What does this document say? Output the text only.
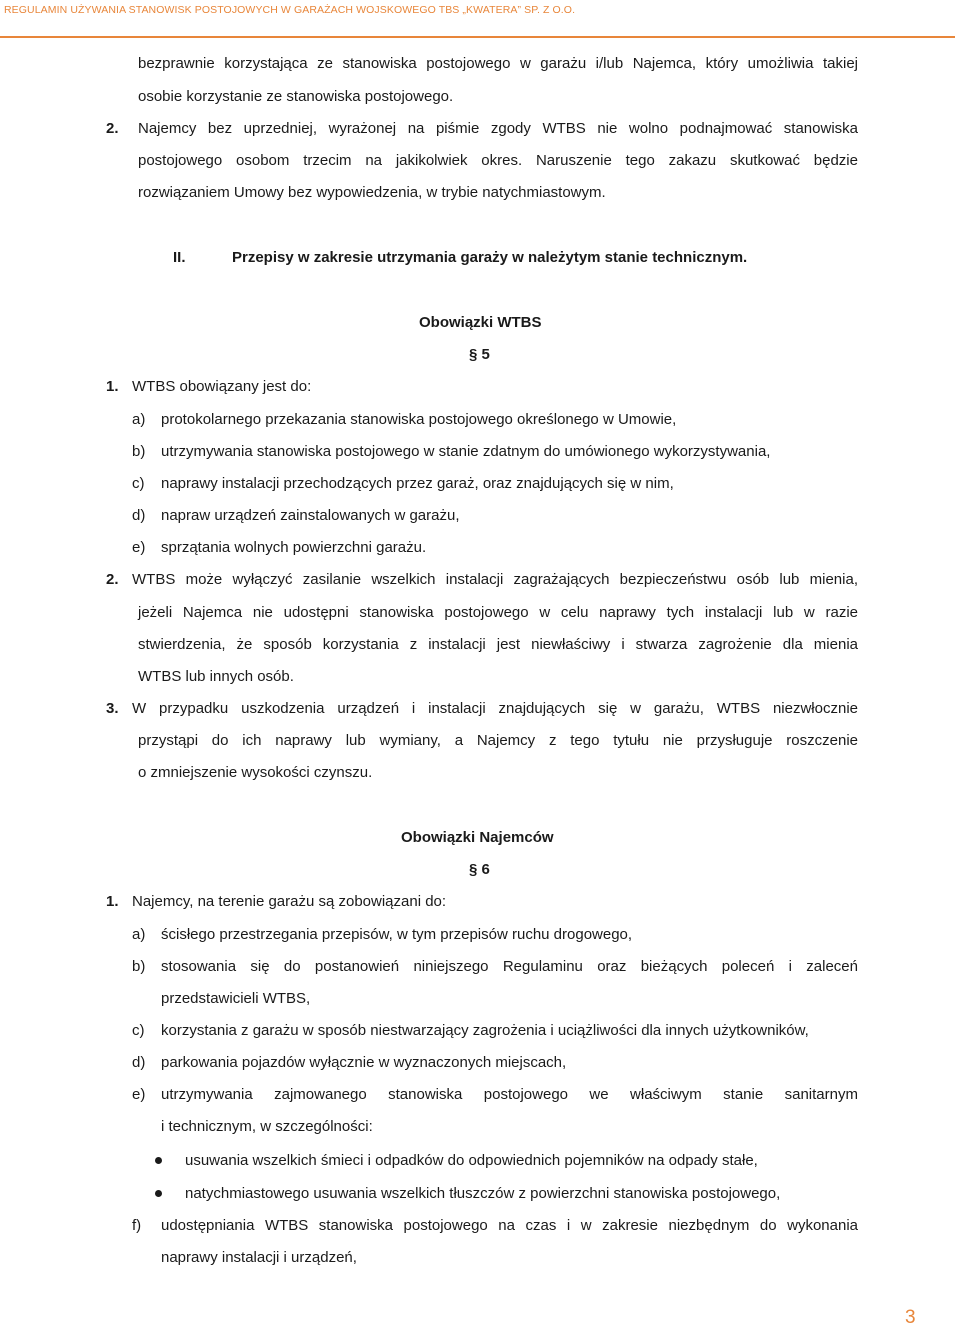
REGULAMIN UŻYWANIA STANOWISK POSTOJOWYCH W GARAŻACH WOJSKOWEGO TBS „KWATERA” SP. Z O.O.
bezprawnie korzystająca ze stanowiska postojowego w garażu i/lub Najemca, który umożliwia takiej
osobie korzystanie ze stanowiska postojowego.
2. Najemcy bez uprzedniej, wyrażonej na piśmie zgody WTBS nie wolno podnajmować stanowiska
postojowego osobom trzecim na jakikolwiek okres. Naruszenie tego zakazu skutkować będzie
rozwiązaniem Umowy bez wypowiedzenia, w trybie natychmiastowym.
II.	Przepisy w zakresie utrzymania garaży w należytym stanie technicznym.
Obowiązki WTBS
§ 5
1. WTBS obowiązany jest do:
a) protokolarnego przekazania stanowiska postojowego określonego w Umowie,
b) utrzymywania stanowiska postojowego w stanie zdatnym do umówionego wykorzystywania,
c) naprawy instalacji przechodzących przez garaż, oraz znajdujących się w nim,
d) napraw urządzeń zainstalowanych w garażu,
e) sprzątania wolnych powierzchni garażu.
2. WTBS może wyłączyć zasilanie wszelkich instalacji zagrażających bezpieczeństwu osób lub mienia,
jeżeli Najemca nie udostępni stanowiska postojowego w celu naprawy tych instalacji lub w razie
stwierdzenia, że sposób korzystania z instalacji jest niewłaściwy i stwarza zagrożenie dla mienia
WTBS lub innych osób.
3. W przypadku uszkodzenia urządzeń i instalacji znajdujących się w garażu, WTBS niezwłocznie
przystąpi do ich naprawy lub wymiany, a Najemcy z tego tytułu nie przysługuje roszczenie
o zmniejszenie wysokości czynszu.
Obowiązki Najemców
§ 6
1. Najemcy, na terenie garażu są zobowiązani do:
a) ścisłego przestrzegania przepisów, w tym przepisów ruchu drogowego,
b) stosowania się do postanowień niniejszego Regulaminu oraz bieżących poleceń i zaleceń
przedstawicieli WTBS,
c) korzystania z garażu w sposób niestwarzający zagrożenia i uciążliwości dla innych użytkowników,
d) parkowania pojazdów wyłącznie w wyznaczonych miejscach,
e) utrzymywania zajmowanego stanowiska postojowego we właściwym stanie sanitarnym
i technicznym, w szczególności:
usuwania wszelkich śmieci i odpadków do odpowiednich pojemników na odpady stałe,
natychmiastowego usuwania wszelkich tłuszczów z powierzchni stanowiska postojowego,
f) udostępniania WTBS stanowiska postojowego na czas i w zakresie niezbędnym do wykonania
naprawy instalacji i urządzeń,
3
